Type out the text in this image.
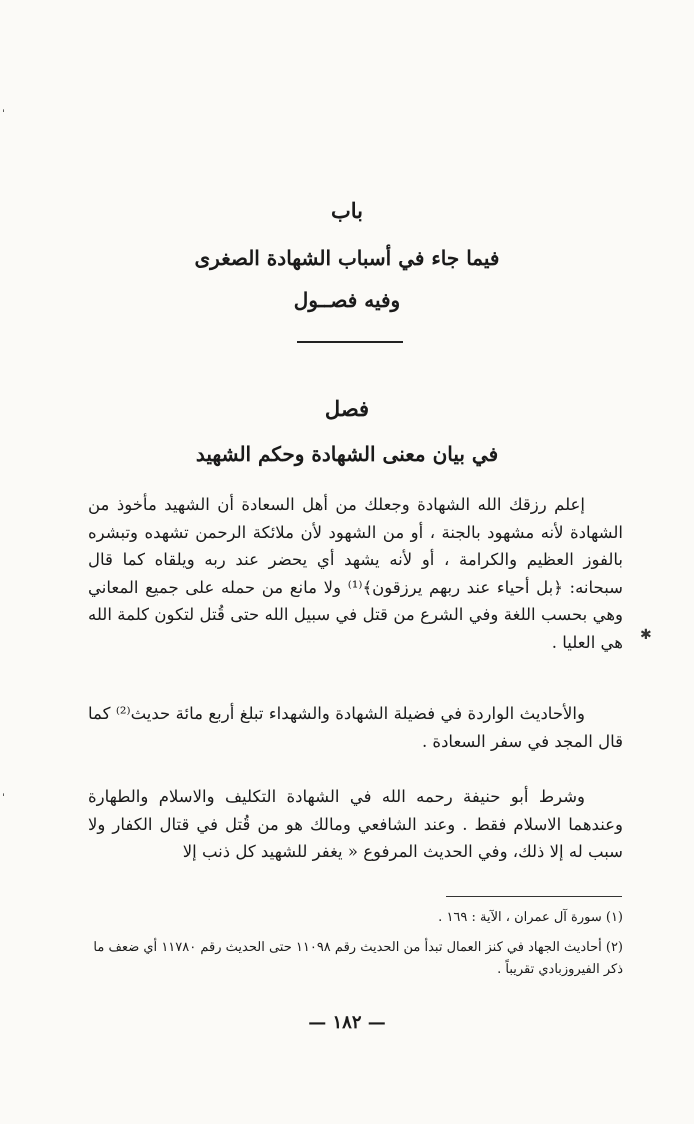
باب
فيما جاء في أسباب الشهادة الصغرى
وفيه فصــول
فصل
في بيان معنى الشهادة وحكم الشهيد
إعلم رزقك الله الشهادة وجعلك من أهل السعادة أن الشهيد مأخوذ من الشهادة لأنه مشهود بالجنة ، أو من الشهود لأن ملائكة الرحمن تشهده وتبشره بالفوز العظيم والكرامة ، أو لأنه يشهد أي يحضر عند ربه ويلقاه كما قال سبحانه: ﴿بل أحياء عند ربهم يرزقون﴾⁽¹⁾ ولا مانع من حمله على جميع المعاني وهي بحسب اللغة وفي الشرع من قتل في سبيل الله حتى قُتل لتكون كلمة الله هي العليا .
والأحاديث الواردة في فضيلة الشهادة والشهداء تبلغ أربع مائة حديث⁽²⁾ كما قال المجد في سفر السعادة .
وشرط أبو حنيفة رحمه الله في الشهادة التكليف والاسلام والطهارة وعندهما الاسلام فقط . وعند الشافعي ومالك هو من قُتل في قتال الكفار ولا سبب له إلا ذلك، وفي الحديث المرفوع « يغفر للشهيد كل ذنب إلا
(١) سورة آل عمران ، الآية : ١٦٩ .
(٢) أحاديث الجهاد في كنز العمال تبدأ من الحديث رقم ١١٠٩٨ حتى الحديث رقم ١١٧٨٠ أي ضعف ما ذكر الفيروزبادي تقريباً .
— ١٨٢ —
✱
ˈ
ˈ
